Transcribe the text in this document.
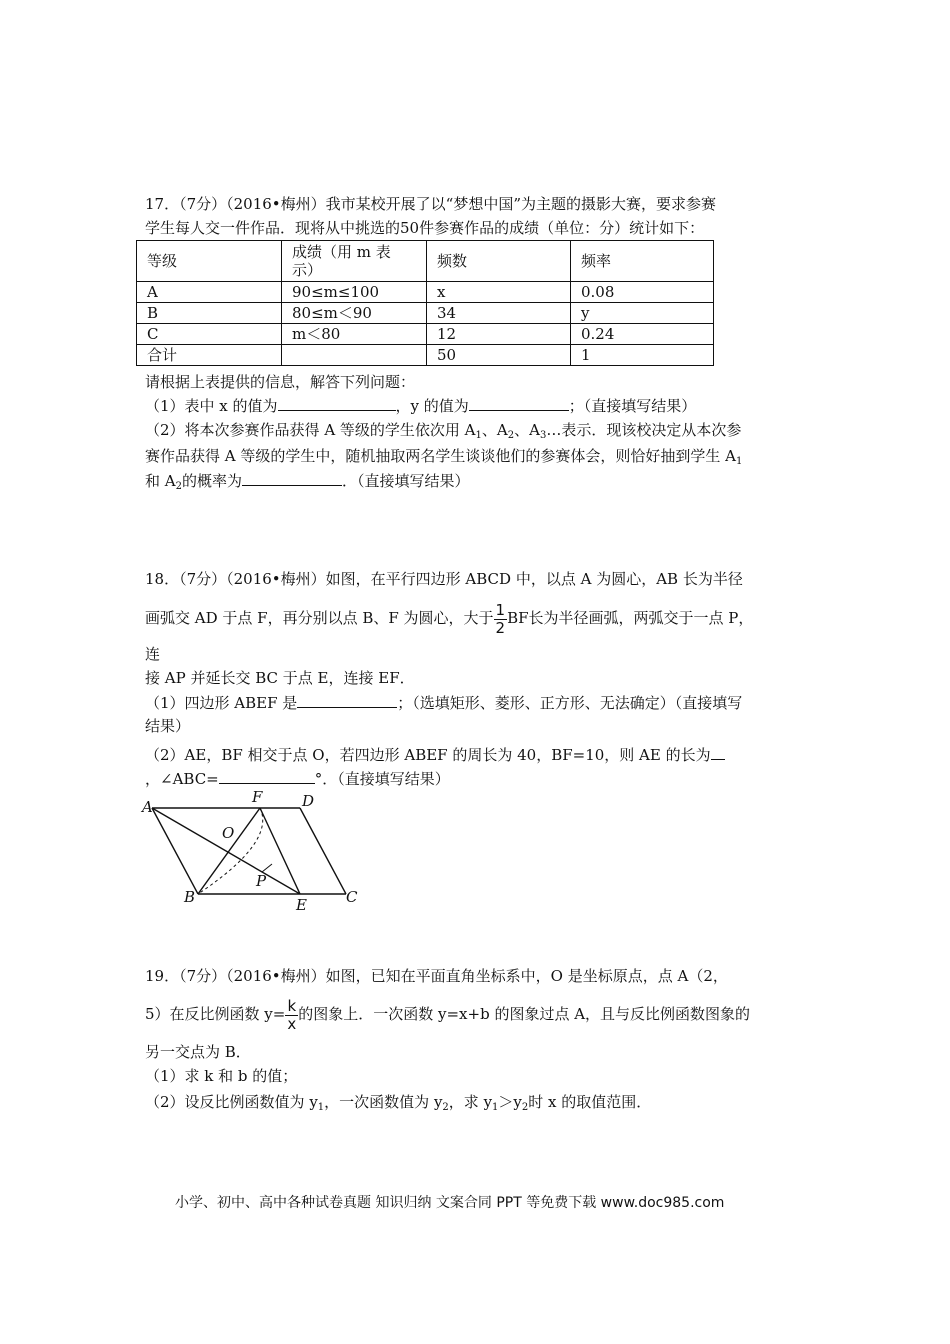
17．（7分）（2016•梅州）我市某校开展了以“梦想中国”为主题的摄影大赛，要求参赛
学生每人交一件作品．现将从中挑选的50件参赛作品的成绩（单位：分）统计如下：
等级	成绩（用 m 表
示）	频数	频率
A	90≤m≤100	x	0.08
B	80≤m＜90	34	y
C	m＜80	12	0.24
合计		50	1
请根据上表提供的信息，解答下列问题：
（1）表中 x 的值为	，y 的值为	；（直接填写结果）
（2）将本次参赛作品获得 A 等级的学生依次用 $A_1$、$A_2$、$A_3\dots$表示．现该校决定从本次参
赛作品获得 A 等级的学生中，随机抽取两名学生谈谈他们的参赛体会，则恰好抽到学生 $A_1$
和 $A_2$的概率为	．（直接填写结果）
18．（7分）（2016•梅州）如图，在平行四边形 ABCD 中，以点 A 为圆心，AB 长为半径
画弧交 AD 于点 F，再分别以点 B、F 为圆心，大于 $\frac{1}{2}$ BF长为半径画弧，两弧交于一点 P，
连
接 AP 并延长交 BC 于点 E，连接 EF．
（1）四边形 ABEF 是	；（选填矩形、菱形、正方形、无法确定）（直接填写
结果）
（2）AE，BF 相交于点 O，若四边形 ABEF 的周长为 40，BF=10，则 AE 的长为
，∠ABC=	°．（直接填写结果）
A
F	D
O
P
B	E	C
19．（7分）（2016•梅州）如图，已知在平面直角坐标系中，O 是坐标原点，点 A（2，
5）在反比例函数 $y= \frac{k}{x}$ 的图象上．一次函数 y=x+b 的图象过点 A，且与反比例函数图象的
另一交点为 B．
（1）求 k 和 b 的值；
（2）设反比例函数值为 $y_1$，一次函数值为 $y_2$，求 $y_1>y_2$时 x 的取值范围．
小学、初中、高中各种试卷真题 知识归纳 文案合同 PPT 等免费下载 www.doc985.com
